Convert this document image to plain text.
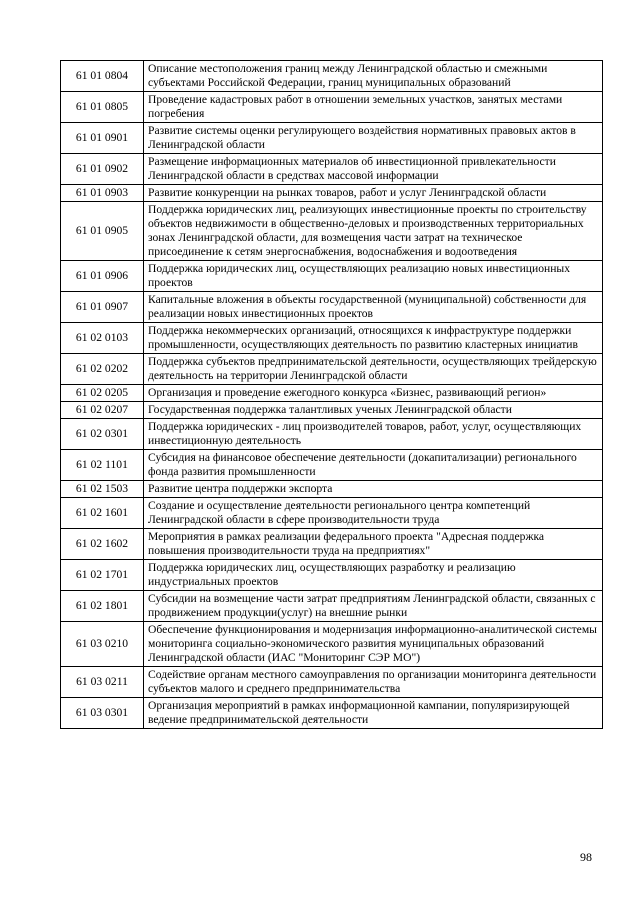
61 01 0804	Описание местоположения границ между Ленинградской областью и смежными субъектами Российской Федерации, границ муниципальных образований
61 01 0805	Проведение кадастровых работ в отношении земельных участков, занятых местами погребения
61 01 0901	Развитие системы оценки регулирующего воздействия нормативных правовых актов в Ленинградской области
61 01 0902	Размещение информационных материалов об инвестиционной привлекательности Ленинградской области в средствах массовой информации
61 01 0903	Развитие конкуренции на рынках товаров, работ и услуг Ленинградской области
61 01 0905	Поддержка юридических лиц, реализующих инвестиционные проекты по строительству объектов недвижимости в общественно-деловых и производственных территориальных зонах Ленинградской области, для возмещения части затрат на техническое присоединение к сетям энергоснабжения, водоснабжения и водоотведения
61 01 0906	Поддержка юридических лиц, осуществляющих реализацию новых инвестиционных проектов
61 01 0907	Капитальные вложения в объекты государственной (муниципальной) собственности для реализации новых инвестиционных проектов
61 02 0103	Поддержка некоммерческих организаций, относящихся к инфраструктуре поддержки промышленности, осуществляющих деятельность по развитию кластерных инициатив
61 02 0202	Поддержка субъектов предпринимательской деятельности, осуществляющих трейдерскую деятельность на территории Ленинградской области
61 02 0205	Организация и проведение ежегодного конкурса «Бизнес, развивающий регион»
61 02 0207	Государственная поддержка талантливых ученых Ленинградской области
61 02 0301	Поддержка юридических - лиц производителей товаров, работ, услуг, осуществляющих инвестиционную деятельность
61 02 1101	Субсидия на финансовое обеспечение деятельности (докапитализации) регионального фонда развития промышленности
61 02 1503	Развитие центра поддержки экспорта
61 02 1601	Создание и осуществление деятельности регионального центра компетенций Ленинградской области в сфере производительности труда
61 02 1602	Мероприятия в рамках реализации федерального проекта "Адресная поддержка повышения производительности труда на предприятиях"
61 02 1701	Поддержка юридических лиц, осуществляющих разработку и реализацию индустриальных проектов
61 02 1801	Субсидии на возмещение части затрат предприятиям Ленинградской области, связанных с продвижением продукции(услуг) на внешние рынки
61 03 0210	Обеспечение функционирования и модернизация информационно-аналитической системы мониторинга социально-экономического развития муниципальных образований Ленинградской области (ИАС "Мониторинг СЭР МО")
61 03 0211	Содействие органам местного самоуправления по организации мониторинга деятельности субъектов малого и среднего предпринимательства
61 03 0301	Организация мероприятий в рамках информационной кампании, популяризирующей ведение предпринимательской деятельности
98
